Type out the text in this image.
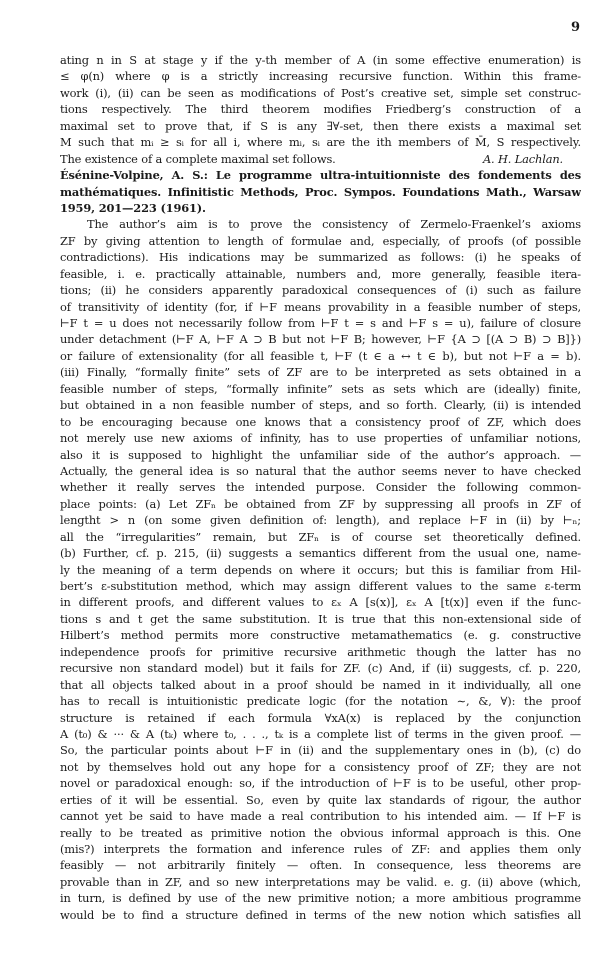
9
ating n in S at stage y if the y-th member of A (in some effective enumeration) is
≤ φ(n) where φ is a strictly increasing recursive function. Within this frame-
work (i), (ii) can be seen as modifications of Post’s creative set, simple set construc-
tions respectively. The third theorem modifies Friedberg’s construction of a
maximal set to prove that, if S is any ∃∀-set, then there exists a maximal set
M such that mᵢ ≥ sᵢ for all i, where mᵢ, sᵢ are the ith members of M̄, S respectively.
The existence of a complete maximal set follows.	A. H. Lachlan.
Ésénine-Volpine, A. S.: Le programme ultra-intuitionniste des fondements des
mathématiques. Infinitistic Methods, Proc. Sympos. Foundations Math., Warsaw
1959, 201—223 (1961).
The author’s aim is to prove the consistency of Zermelo-Fraenkel’s axioms
ZF by giving attention to length of formulae and, especially, of proofs (of possible
contradictions). His indications may be summarized as follows: (i) he speaks of
feasible, i. e. practically attainable, numbers and, more generally, feasible itera-
tions; (ii) he considers apparently paradoxical consequences of (i) such as failure
of transitivity of identity (for, if ⊢F means provability in a feasible number of steps,
⊢F t = u does not necessarily follow from ⊢F t = s and ⊢F s = u), failure of closure
under detachment (⊢F A, ⊢F A ⊃ B but not ⊢F B; however, ⊢F {A ⊃ [(A ⊃ B) ⊃ B]})
or failure of extensionality (for all feasible t, ⊢F (t ∈ a ↔ t ∈ b), but not ⊢F a = b).
(iii) Finally, “formally finite” sets of ZF are to be interpreted as sets obtained in a
feasible number of steps, “formally infinite” sets as sets which are (ideally) finite,
but obtained in a non feasible number of steps, and so forth. Clearly, (ii) is intended
to be encouraging because one knows that a consistency proof of ZF, which does
not merely use new axioms of infinity, has to use properties of unfamiliar notions,
also it is supposed to highlight the unfamiliar side of the author’s approach. —
Actually, the general idea is so natural that the author seems never to have checked
whether it really serves the intended purpose. Consider the following common-
place points: (a) Let ZFₙ be obtained from ZF by suppressing all proofs in ZF of
lengtht > n (on some given definition of: length), and replace ⊢F in (ii) by ⊢ₙ;
all the “irregularities” remain, but ZFₙ is of course set theoretically defined.
(b) Further, cf. p. 215, (ii) suggests a semantics different from the usual one, name-
ly the meaning of a term depends on where it occurs; but this is familiar from Hil-
bert’s ε-substitution method, which may assign different values to the same ε-term
in different proofs, and different values to εₓ A [s(x)], εₓ A [t(x)] even if the func-
tions s and t get the same substitution. It is true that this non-extensional side of
Hilbert’s method permits more constructive metamathematics (e. g. constructive
independence proofs for primitive recursive arithmetic though the latter has no
recursive non standard model) but it fails for ZF. (c) And, if (ii) suggests, cf. p. 220,
that all objects talked about in a proof should be named in it individually, all one
has to recall is intuitionistic predicate logic (for the notation ∼, &, ∀): the proof
structure is retained if each formula ∀xA(x) is replaced by the conjunction
A (t₀) & ··· & A (tₖ) where t₀, . . ., tₖ is a complete list of terms in the given proof. —
So, the particular points about ⊢F in (ii) and the supplementary ones in (b), (c) do
not by themselves hold out any hope for a consistency proof of ZF; they are not
novel or paradoxical enough: so, if the introduction of ⊢F is to be useful, other prop-
erties of it will be essential. So, even by quite lax standards of rigour, the author
cannot yet be said to have made a real contribution to his intended aim. — If ⊢F is
really to be treated as primitive notion the obvious informal approach is this. One
(mis?) interprets the formation and inference rules of ZF: and applies them only
feasibly — not arbitrarily finitely — often. In consequence, less theorems are
provable than in ZF, and so new interpretations may be valid. e. g. (ii) above (which,
in turn, is defined by use of the new primitive notion; a more ambitious programme
would be to find a structure defined in terms of the new notion which satisfies all
